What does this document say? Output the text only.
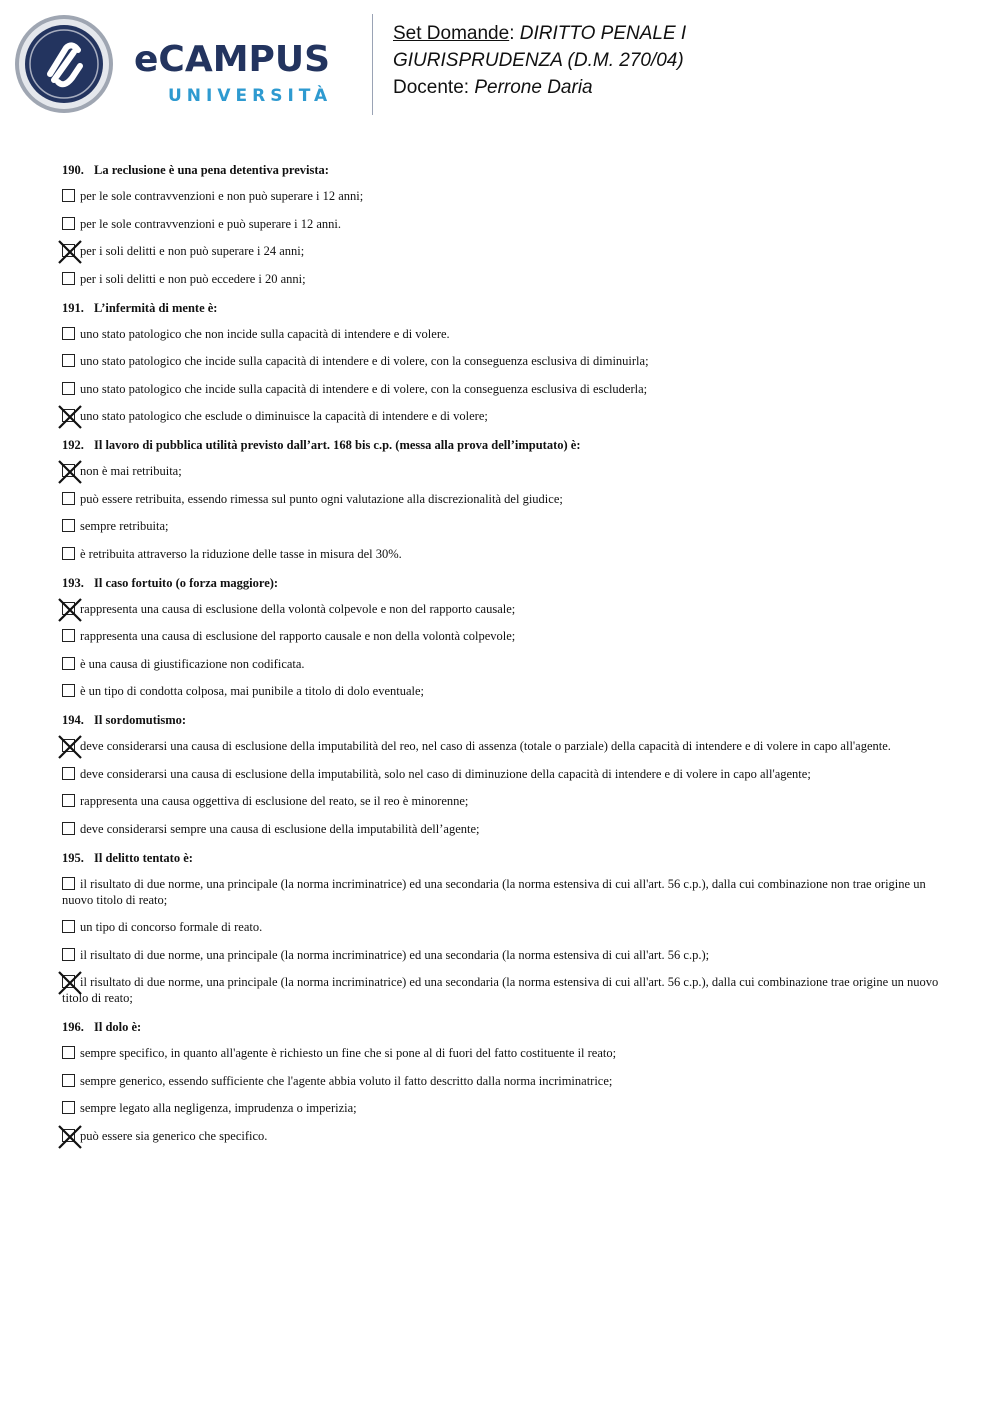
eCAMPUS
UNIVERSITÀ
Set Domande: DIRITTO PENALE I
GIURISPRUDENZA (D.M. 270/04)
Docente: Perrone Daria
190. La reclusione è una pena detentiva prevista:
per le sole contravvenzioni e non può superare i 12 anni;
per le sole contravvenzioni e può superare i 12 anni.
per i soli delitti e non può superare i 24 anni;
per i soli delitti e non può eccedere i 20 anni;
191. L’infermità di mente è:
uno stato patologico che non incide sulla capacità di intendere e di volere.
uno stato patologico che incide sulla capacità di intendere e di volere, con la conseguenza esclusiva di diminuirla;
uno stato patologico che incide sulla capacità di intendere e di volere, con la conseguenza esclusiva di escluderla;
uno stato patologico che esclude o diminuisce la capacità di intendere e di volere;
192. Il lavoro di pubblica utilità previsto dall’art. 168 bis c.p. (messa alla prova dell’imputato) è:
non è mai retribuita;
può essere retribuita, essendo rimessa sul punto ogni valutazione alla discrezionalità del giudice;
sempre retribuita;
è retribuita attraverso la riduzione delle tasse in misura del 30%.
193. Il caso fortuito (o forza maggiore):
rappresenta una causa di esclusione della volontà colpevole e non del rapporto causale;
rappresenta una causa di esclusione del rapporto causale e non della volontà colpevole;
è una causa di giustificazione non codificata.
è un tipo di condotta colposa, mai punibile a titolo di dolo eventuale;
194. Il sordomutismo:
deve considerarsi una causa di esclusione della imputabilità del reo, nel caso di assenza (totale o parziale) della capacità di intendere e di volere in capo all'agente.
deve considerarsi una causa di esclusione della imputabilità, solo nel caso di diminuzione della capacità di intendere e di volere in capo all'agente;
rappresenta una causa oggettiva di esclusione del reato, se il reo è minorenne;
deve considerarsi sempre una causa di esclusione della imputabilità dell’agente;
195. Il delitto tentato è:
il risultato di due norme, una principale (la norma incriminatrice) ed una secondaria (la norma estensiva di cui all'art. 56 c.p.), dalla cui combinazione non trae origine un nuovo titolo di reato;
un tipo di concorso formale di reato.
il risultato di due norme, una principale (la norma incriminatrice) ed una secondaria (la norma estensiva di cui all'art. 56 c.p.);
il risultato di due norme, una principale (la norma incriminatrice) ed una secondaria (la norma estensiva di cui all'art. 56 c.p.), dalla cui combinazione trae origine un nuovo titolo di reato;
196. Il dolo è:
sempre specifico, in quanto all'agente è richiesto un fine che si pone al di fuori del fatto costituente il reato;
sempre generico, essendo sufficiente che l'agente abbia voluto il fatto descritto dalla norma incriminatrice;
sempre legato alla negligenza, imprudenza o imperizia;
può essere sia generico che specifico.
